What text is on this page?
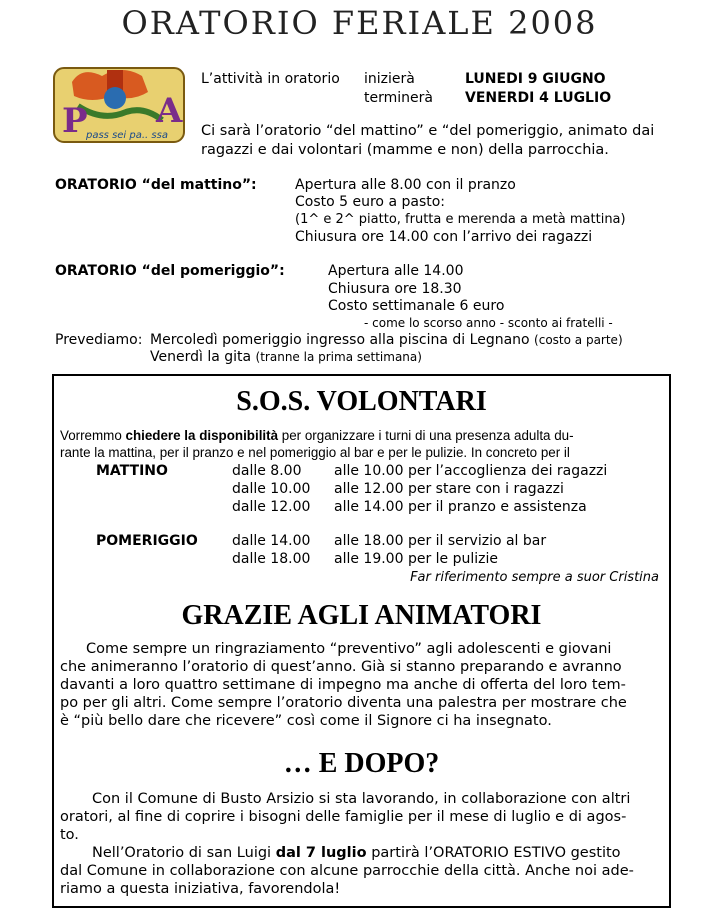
ORATORIO FERIALE 2008
P A
pass sei pa.. ssa
L’attività in oratorio inizierà	LUNEDI 9 GIUGNO
terminerà VENERDI 4 LUGLIO
Ci sarà l’oratorio “del mattino” e “del pomeriggio, animato dai
ragazzi e dai volontari (mamme e non) della parrocchia.
ORATORIO “del mattino”:	Apertura alle 8.00 con il pranzo
Costo 5 euro a pasto:
(1^ e 2^ piatto, frutta e merenda a metà mattina)
Chiusura ore 14.00 con l’arrivo dei ragazzi
ORATORIO “del pomeriggio”:	Apertura alle 14.00
Chiusura ore 18.30
Costo settimanale 6 euro
- come lo scorso anno - sconto ai fratelli -
Prevediamo: Mercoledì pomeriggio ingresso alla piscina di Legnano (costo a parte)
Venerdì la gita (tranne la prima settimana)
S.O.S. VOLONTARI
Vorremmo chiedere la disponibilità per organizzare i turni di una presenza adulta du-
rante la mattina, per il pranzo e nel pomeriggio al bar e per le pulizie. In concreto per il
MATTINO	dalle 8.00 alle 10.00 per l’accoglienza dei ragazzi
dalle 10.00 alle 12.00 per stare con i ragazzi
dalle 12.00 alle 14.00 per il pranzo e assistenza
POMERIGGIO dalle 14.00 alle 18.00 per il servizio al bar
dalle 18.00 alle 19.00 per le pulizie
Far riferimento sempre a suor Cristina
GRAZIE AGLI ANIMATORI
Come sempre un ringraziamento “preventivo” agli adolescenti e giovani
che animeranno l’oratorio di quest’anno. Già si stanno preparando e avranno
davanti a loro quattro settimane di impegno ma anche di offerta del loro tem-
po per gli altri. Come sempre l’oratorio diventa una palestra per mostrare che
è “più bello dare che ricevere” così come il Signore ci ha insegnato.
… E DOPO?
Con il Comune di Busto Arsizio si sta lavorando, in collaborazione con altri
oratori, al fine di coprire i bisogni delle famiglie per il mese di luglio e di agos-
to.
Nell’Oratorio di san Luigi dal 7 luglio partirà l’ORATORIO ESTIVO gestito
dal Comune in collaborazione con alcune parrocchie della città. Anche noi ade-
riamo a questa iniziativa, favorendola!
